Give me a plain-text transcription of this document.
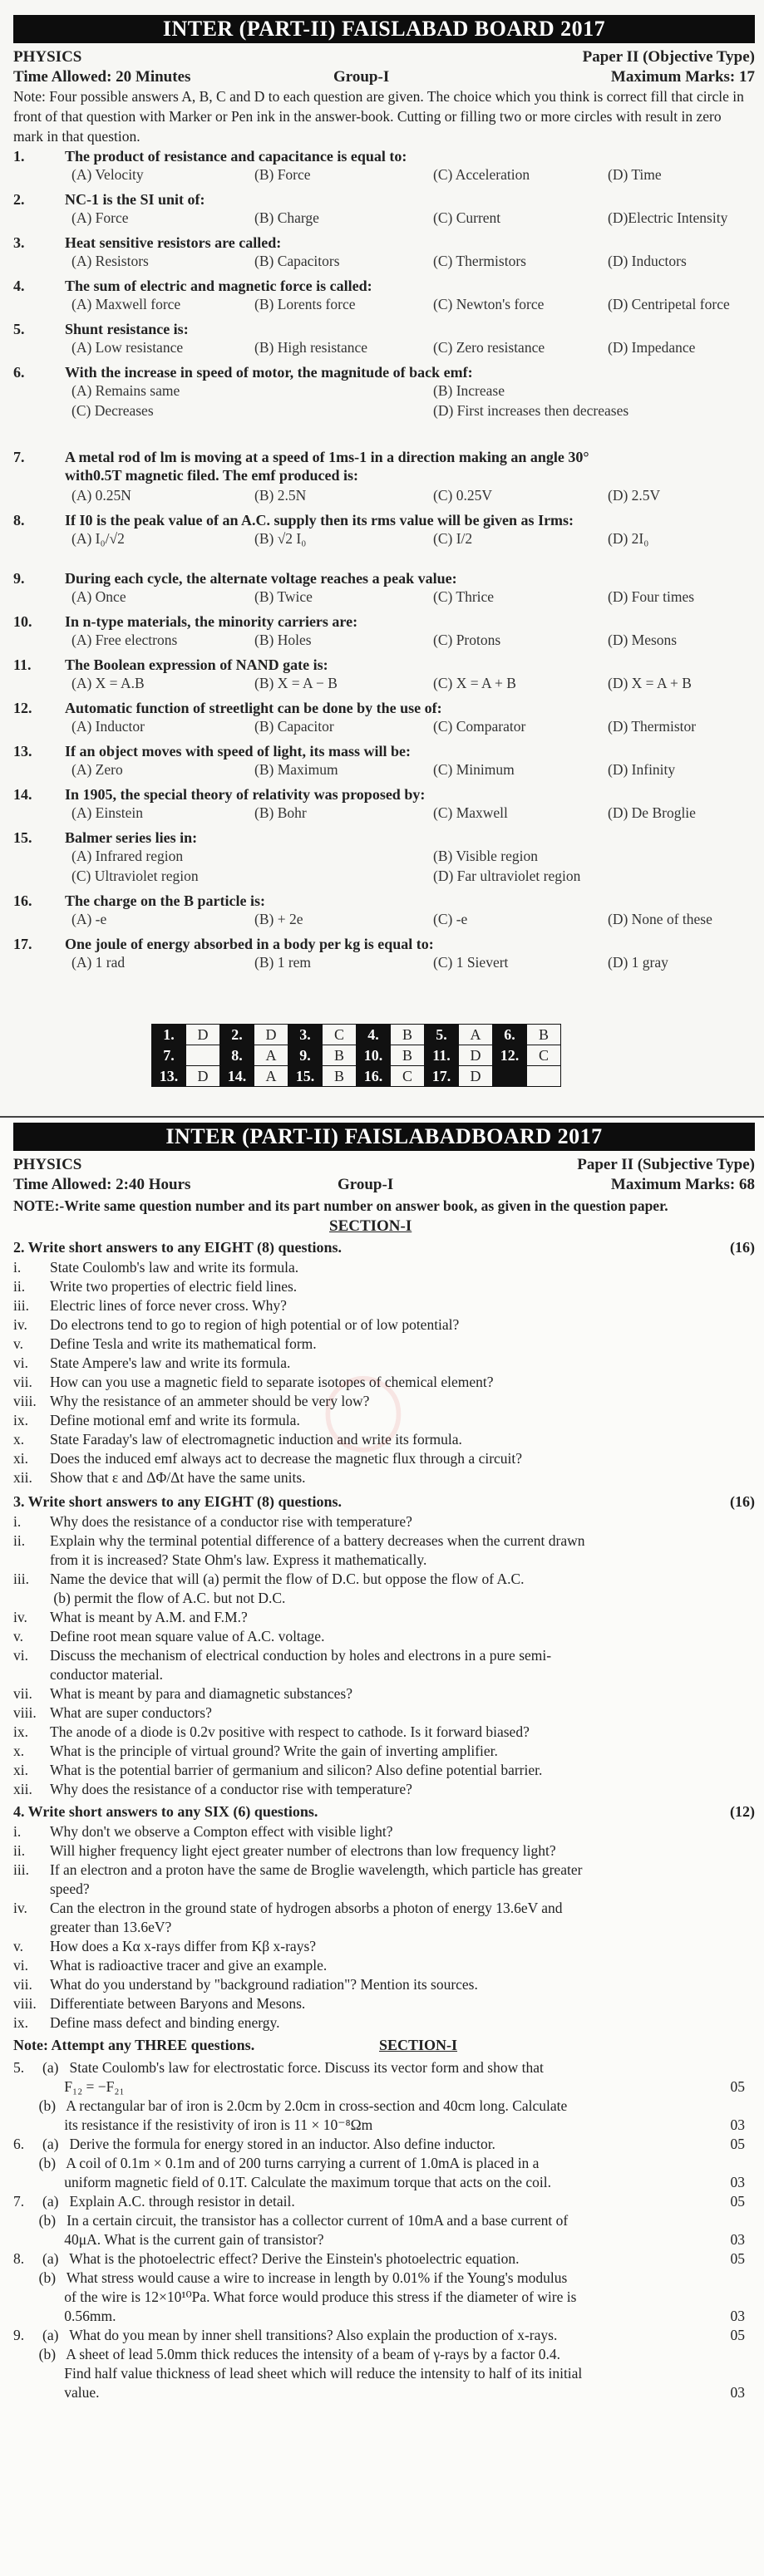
INTER (PART-II) FAISLABAD BOARD 2017
PHYSICS	Paper II (Objective Type)
Time Allowed: 20 Minutes	Group-I	Maximum Marks: 17
Note: Four possible answers A, B, C and D to each question are given. The choice which you think is correct fill that circle in front of that question with Marker or Pen ink in the answer-book. Cutting or filling two or more circles with result in zero mark in that question.
1.	The product of resistance and capacitance is equal to:
(A) Velocity	(B) Force	(C) Acceleration	(D) Time
2.	NC-1 is the SI unit of:
(A) Force	(B) Charge	(C) Current	(D)Electric Intensity
3.	Heat sensitive resistors are called:
(A) Resistors	(B) Capacitors	(C) Thermistors	(D) Inductors
4.	The sum of electric and magnetic force is called:
(A) Maxwell force	(B) Lorents force	(C) Newton's force	(D) Centripetal force
5.	Shunt resistance is:
(A) Low resistance	(B) High resistance	(C) Zero resistance	(D) Impedance
6.	With the increase in speed of motor, the magnitude of back emf:
(A) Remains same	(B) Increase
(C) Decreases	(D) First increases then decreases
7.	A metal rod of lm is moving at a speed of 1ms-1 in a direction making an angle 30°
with0.5T magnetic filed. The emf produced is:
(A) 0.25N	(B) 2.5N	(C) 0.25V	(D) 2.5V
8.	If I0 is the peak value of an A.C. supply then its rms value will be given as Irms:
(A) I₀/√2	(B) √2 I₀	(C) I/2	(D) 2I₀
9.	During each cycle, the alternate voltage reaches a peak value:
(A) Once	(B) Twice	(C) Thrice	(D) Four times
10. In n-type materials, the minority carriers are:
(A) Free electrons	(B) Holes	(C) Protons	(D) Mesons
11. The Boolean expression of NAND gate is:
(A) X = A.B	(B) X = A − B	(C) X = A + B	(D) X = A + B
12. Automatic function of streetlight can be done by the use of:
(A) Inductor	(B) Capacitor	(C) Comparator	(D) Thermistor
13. If an object moves with speed of light, its mass will be:
(A) Zero	(B) Maximum	(C) Minimum	(D) Infinity
14. In 1905, the special theory of relativity was proposed by:
(A) Einstein	(B) Bohr	(C) Maxwell	(D) De Broglie
15. Balmer series lies in:
(A) Infrared region	(B) Visible region
(C) Ultraviolet region	(D) Far ultraviolet region
16. The charge on the B particle is:
(A) -e	(B) + 2e	(C) -e	(D) None of these
17. One joule of energy absorbed in a body per kg is equal to:
(A) 1 rad	(B) 1 rem	(C) 1 Sievert	(D) 1 gray
1.	D	2.	D	3.	C	4.	B	5.	A	6.	B
7.		8.	A	9.	B	10.	B	11.	D	12.	C
13.	D	14.	A	15.	B	16.	C	17.	D		
INTER (PART-II) FAISLABADBOARD 2017
PHYSICS	Paper II (Subjective Type)
Time Allowed: 2:40 Hours	Group-I	Maximum Marks: 68
NOTE:-Write same question number and its part number on answer book, as given in the question paper.
SECTION-I
2. Write short answers to any EIGHT (8) questions.	(16)
i. State Coulomb's law and write its formula.
ii. Write two properties of electric field lines.
iii. Electric lines of force never cross. Why?
iv. Do electrons tend to go to region of high potential or of low potential?
v. Define Tesla and write its mathematical form.
vi. State Ampere's law and write its formula.
vii. How can you use a magnetic field to separate isotopes of chemical element?
viii. Why the resistance of an ammeter should be very low?
ix. Define motional emf and write its formula.
x. State Faraday's law of electromagnetic induction and write its formula.
xi. Does the induced emf always act to decrease the magnetic flux through a circuit?
xii. Show that ε and ΔΦ/Δt have the same units.
3. Write short answers to any EIGHT (8) questions.	(16)
i. Why does the resistance of a conductor rise with temperature?
ii. Explain why the terminal potential difference of a battery decreases when the current drawn
from it is increased? State Ohm's law. Express it mathematically.
iii. Name the device that will (a) permit the flow of D.C. but oppose the flow of A.C.
(b) permit the flow of A.C. but not D.C.
iv. What is meant by A.M. and F.M.?
v. Define root mean square value of A.C. voltage.
vi. Discuss the mechanism of electrical conduction by holes and electrons in a pure semi-
conductor material.
vii. What is meant by para and diamagnetic substances?
viii. What are super conductors?
ix. The anode of a diode is 0.2v positive with respect to cathode. Is it forward biased?
x. What is the principle of virtual ground? Write the gain of inverting amplifier.
xi. What is the potential barrier of germanium and silicon? Also define potential barrier.
xii. Why does the resistance of a conductor rise with temperature?
4. Write short answers to any SIX (6) questions.	(12)
i. Why don't we observe a Compton effect with visible light?
ii. Will higher frequency light eject greater number of electrons than low frequency light?
iii. If an electron and a proton have the same de Broglie wavelength, which particle has greater
speed?
iv. Can the electron in the ground state of hydrogen absorbs a photon of energy 13.6eV and
greater than 13.6eV?
v. How does a Kα x-rays differ from Kβ x-rays?
vi. What is radioactive tracer and give an example.
vii. What do you understand by "background radiation"? Mention its sources.
viii. Differentiate between Baryons and Mesons.
ix. Define mass defect and binding energy.
Note: Attempt any THREE questions.	SECTION-I
5.     (a)   State Coulomb's law for electrostatic force. Discuss its vector form and show that
F₁₂ = −F₂₁	05
(b)   A rectangular bar of iron is 2.0cm by 2.0cm in cross-section and 40cm long. Calculate
its resistance if the resistivity of iron is 11 × 10⁻⁸Ωm	03
6.     (a)   Derive the formula for energy stored in an inductor. Also define inductor.	05
(b)   A coil of 0.1m × 0.1m and of 200 turns carrying a current of 1.0mA is placed in a
uniform magnetic field of 0.1T. Calculate the maximum torque that acts on the coil.	03
7.     (a)   Explain A.C. through resistor in detail.	05
(b)   In a certain circuit, the transistor has a collector current of 10mA and a base current of
40μA. What is the current gain of transistor?	03
8.     (a)   What is the photoelectric effect? Derive the Einstein's photoelectric equation.	05
(b)   What stress would cause a wire to increase in length by 0.01% if the Young's modulus
of the wire is 12×10¹⁰Pa. What force would produce this stress if the diameter of wire is
0.56mm.	03
9.     (a)   What do you mean by inner shell transitions? Also explain the production of x-rays.	05
(b)   A sheet of lead 5.0mm thick reduces the intensity of a beam of γ-rays by a factor 0.4.
Find half value thickness of lead sheet which will reduce the intensity to half of its initial
value.	03
◯
